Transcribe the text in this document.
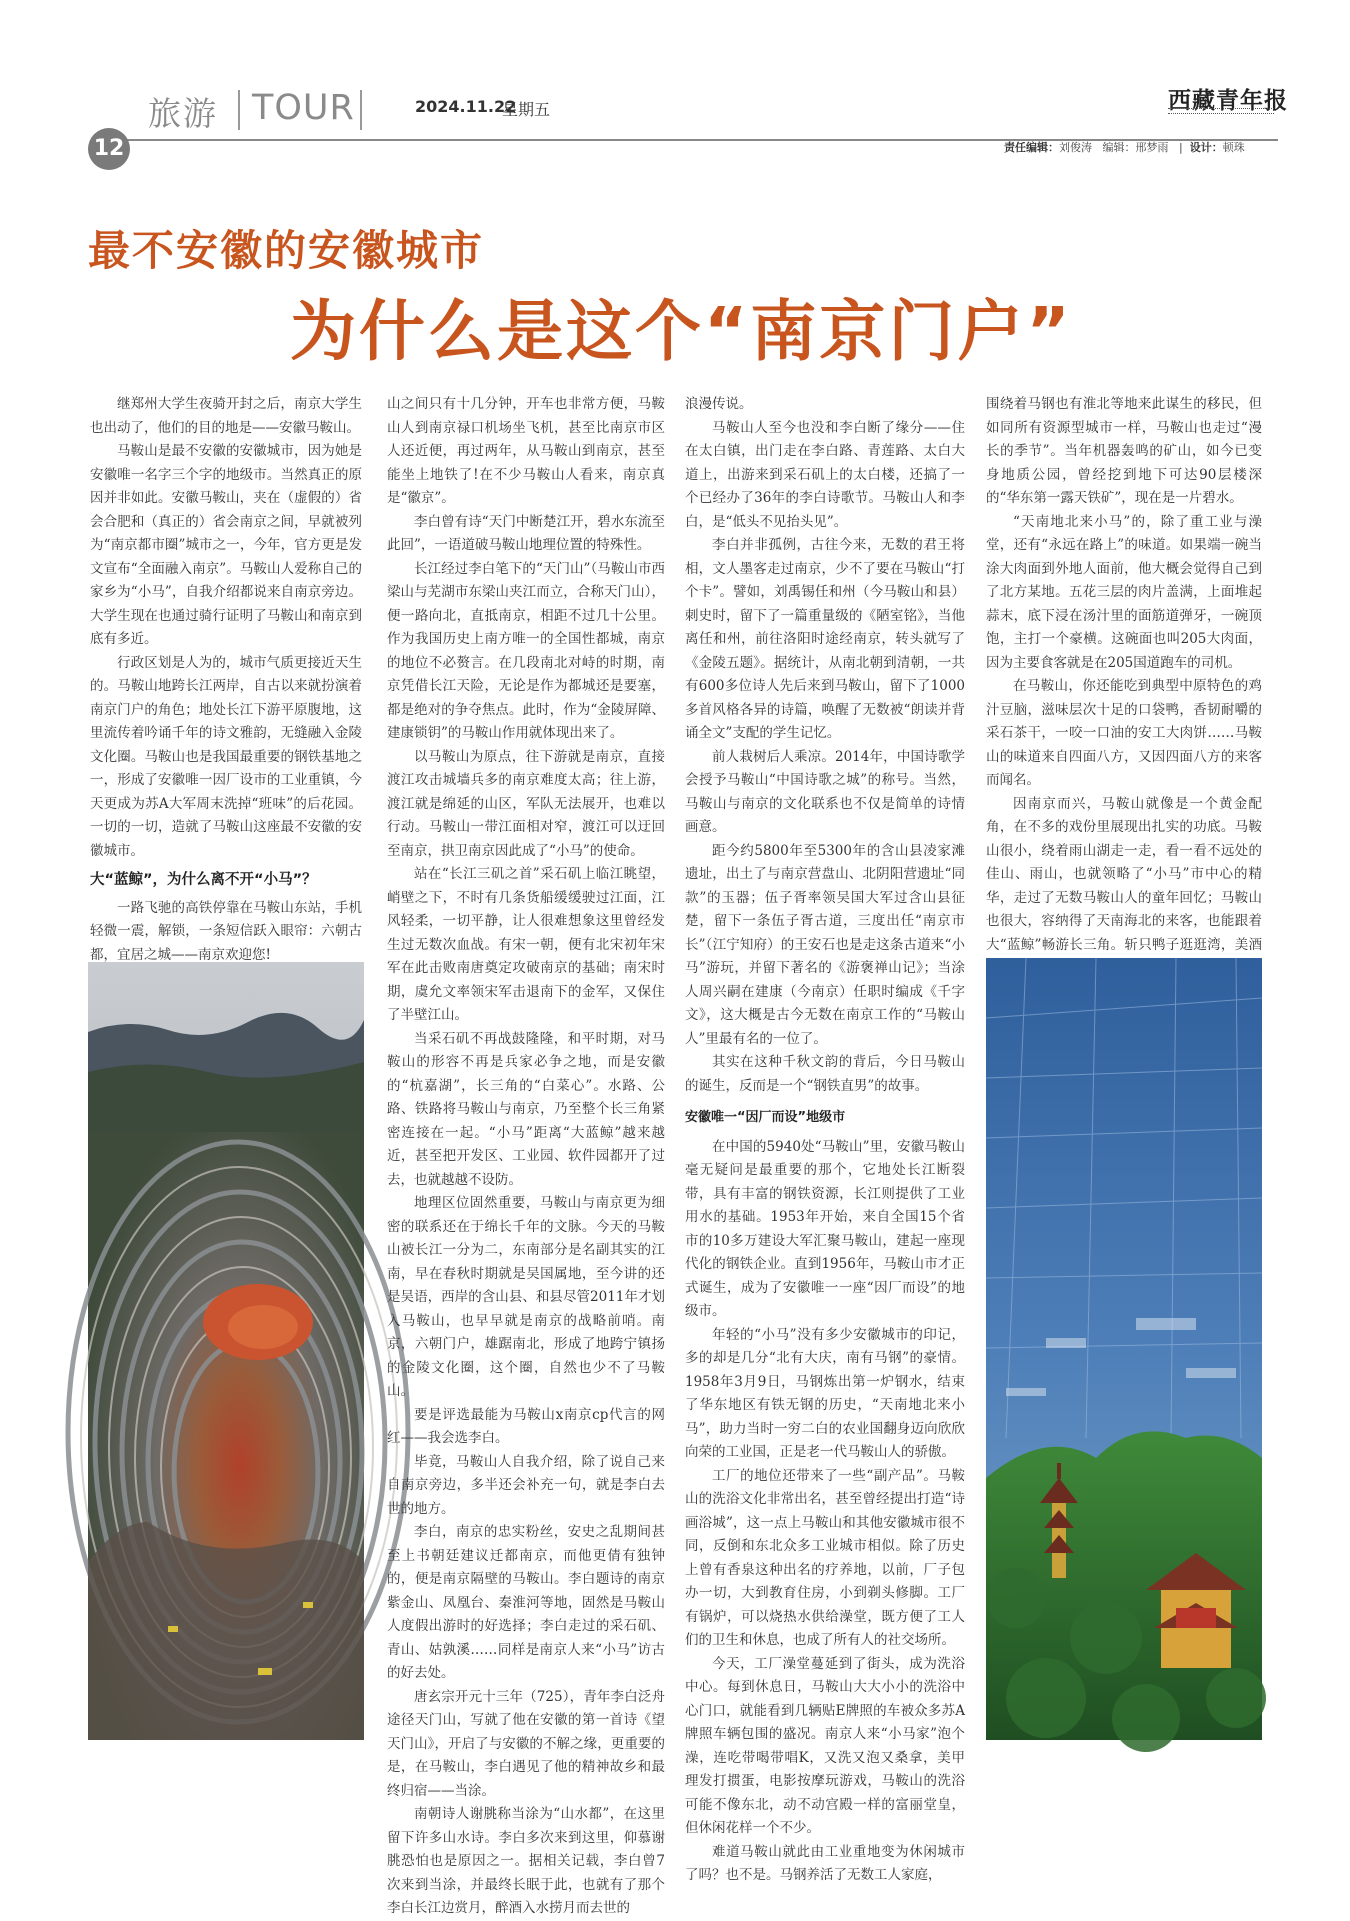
旅游 TOUR	2024.11.22
星期五	西藏青年报
12	责任编辑：刘俊涛 编辑：邢梦雨   |  设计：顿珠
最不安徽的安徽城市
为什么是这个“南京门户”

继郑州大学生夜骑开封之后，南京大学生也出动了，他们的目的地是——安徽马鞍山。

马鞍山是最不安徽的安徽城市，因为她是安徽唯一名字三个字的地级市。当然真正的原因并非如此。安徽马鞍山，夹在（虚假的）省会合肥和（真正的）省会南京之间，早就被列为“南京都市圈”城市之一，今年，官方更是发文宣布“全面融入南京”。马鞍山人爱称自己的家乡为“小马”，自我介绍都说来自南京旁边。大学生现在也通过骑行证明了马鞍山和南京到底有多近。

行政区划是人为的，城市气质更接近天生的。马鞍山地跨长江两岸，自古以来就扮演着南京门户的角色；地处长江下游平原腹地，这里流传着吟诵千年的诗文雅韵，无缝融入金陵文化圈。马鞍山也是我国最重要的钢铁基地之一，形成了安徽唯一因厂设市的工业重镇，今天更成为苏A大军周末洗掉“班味”的后花园。一切的一切，造就了马鞍山这座最不安徽的安徽城市。

大“蓝鲸”，为什么离不开“小马”？

一路飞驰的高铁停靠在马鞍山东站，手机轻微一震，解锁，一条短信跃入眼帘：六朝古都，宜居之城——南京欢迎您!

山之间只有十几分钟，开车也非常方便，马鞍山人到南京禄口机场坐飞机，甚至比南京市区人还近便，再过两年，从马鞍山到南京，甚至能坐上地铁了!在不少马鞍山人看来，南京真是“徽京”。

李白曾有诗“天门中断楚江开，碧水东流至此回”，一语道破马鞍山地理位置的特殊性。

长江经过李白笔下的“天门山”（马鞍山市西梁山与芜湖市东梁山夹江而立，合称天门山），便一路向北，直抵南京，相距不过几十公里。作为我国历史上南方唯一的全国性都城，南京的地位不必赘言。在几段南北对峙的时期，南京凭借长江天险，无论是作为都城还是要塞，都是绝对的争夺焦点。此时，作为“金陵屏障、建康锁钥”的马鞍山作用就体现出来了。

以马鞍山为原点，往下游就是南京，直接渡江攻击城墙兵多的南京难度太高；往上游，渡江就是绵延的山区，军队无法展开，也难以行动。马鞍山一带江面相对窄，渡江可以迂回至南京，拱卫南京因此成了“小马”的使命。

站在“长江三矶之首”采石矶上临江眺望，峭壁之下，不时有几条货船缓缓驶过江面，江风轻柔，一切平静，让人很难想象这里曾经发生过无数次血战。有宋一朝，便有北宋初年宋军在此击败南唐奠定攻破南京的基础；南宋时期，虞允文率领宋军击退南下的金军，又保住了半壁江山。

当采石矶不再战鼓隆隆，和平时期，对马鞍山的形容不再是兵家必争之地，而是安徽的“杭嘉湖”，长三角的“白菜心”。水路、公路、铁路将马鞍山与南京，乃至整个长三角紧密连接在一起。“小马”距离“大蓝鲸”越来越近，甚至把开发区、工业园、软件园都开了过去，也就越越不设防。

地理区位固然重要，马鞍山与南京更为细密的联系还在于绵长千年的文脉。今天的马鞍山被长江一分为二，东南部分是名副其实的江南，早在春秋时期就是吴国属地，至今讲的还是吴语，西岸的含山县、和县尽管2011年才划入马鞍山，也早早就是南京的战略前哨。南京，六朝门户，雄踞南北，形成了地跨宁镇扬的金陵文化圈，这个圈，自然也少不了马鞍山。

要是评选最能为马鞍山x南京cp代言的网红——我会选李白。

毕竟，马鞍山人自我介绍，除了说自己来自南京旁边，多半还会补充一句，就是李白去世的地方。

李白，南京的忠实粉丝，安史之乱期间甚至上书朝廷建议迁都南京，而他更倩有独钟的，便是南京隔壁的马鞍山。李白题诗的南京紫金山、凤凰台、秦淮河等地，固然是马鞍山人度假出游时的好选择；李白走过的采石矶、青山、姑孰溪……同样是南京人来“小马”访古的好去处。

唐玄宗开元十三年（725），青年李白泛舟途径天门山，写就了他在安徽的第一首诗《望天门山》，开启了与安徽的不解之缘，更重要的是，在马鞍山，李白遇见了他的精神故乡和最终归宿——当涂。

南朝诗人谢朓称当涂为“山水都”，在这里留下许多山水诗。李白多次来到这里，仰慕谢朓恐怕也是原因之一。据相关记载，李白曾7次来到当涂，并最终长眠于此，也就有了那个李白长江边赏月，醉酒入水捞月而去世的

浪漫传说。

马鞍山人至今也没和李白断了缘分——住在太白镇，出门走在李白路、青莲路、太白大道上，出游来到采石矶上的太白楼，还搞了一个已经办了36年的李白诗歌节。马鞍山人和李白，是“低头不见抬头见”。

李白并非孤例，古往今来，无数的君王将相，文人墨客走过南京，少不了要在马鞍山“打个卡”。譬如，刘禹锡任和州（今马鞍山和县）刺史时，留下了一篇重量级的《陋室铭》，当他离任和州，前往洛阳时途经南京，转头就写了《金陵五题》。据统计，从南北朝到清朝，一共有600多位诗人先后来到马鞍山，留下了1000多首风格各异的诗篇，唤醒了无数被“朗读并背诵全文”支配的学生记忆。

前人栽树后人乘凉。2014年，中国诗歌学会授予马鞍山“中国诗歌之城”的称号。当然，马鞍山与南京的文化联系也不仅是简单的诗情画意。

距今约5800年至5300年的含山县凌家滩遗址，出土了与南京营盘山、北阴阳营遗址“同款”的玉器；伍子胥率领吴国大军过含山县征楚，留下一条伍子胥古道，三度出任“南京市长”（江宁知府）的王安石也是走这条古道来“小马”游玩，并留下著名的《游褒禅山记》；当涂人周兴嗣在建康（今南京）任职时编成《千字文》，这大概是古今无数在南京工作的“马鞍山人”里最有名的一位了。

其实在这种千秋文韵的背后，今日马鞍山的诞生，反而是一个“钢铁直男”的故事。

安徽唯一“因厂而设”地级市

在中国的5940处“马鞍山”里，安徽马鞍山毫无疑问是最重要的那个，它地处长江断裂带，具有丰富的钢铁资源，长江则提供了工业用水的基础。1953年开始，来自全国15个省市的10多万建设大军汇聚马鞍山，建起一座现代化的钢铁企业。直到1956年，马鞍山市才正式诞生，成为了安徽唯一一座“因厂而设”的地级市。

年轻的“小马”没有多少安徽城市的印记，多的却是几分“北有大庆，南有马钢”的豪情。1958年3月9日，马钢炼出第一炉钢水，结束了华东地区有铁无钢的历史，“天南地北来小马”，助力当时一穷二白的农业国翻身迈向欣欣向荣的工业国，正是老一代马鞍山人的骄傲。

工厂的地位还带来了一些“副产品”。马鞍山的洗浴文化非常出名，甚至曾经提出打造“诗画浴城”，这一点上马鞍山和其他安徽城市很不同，反倒和东北众多工业城市相似。除了历史上曾有香泉这种出名的疗养地，以前，厂子包办一切，大到教育住房，小到剃头修脚。工厂有锅炉，可以烧热水供给澡堂，既方便了工人们的卫生和休息，也成了所有人的社交场所。

今天，工厂澡堂蔓延到了街头，成为洗浴中心。每到休息日，马鞍山大大小小的洗浴中心门口，就能看到几辆贴E牌照的车被众多苏A牌照车辆包围的盛况。南京人来“小马家”泡个澡，连吃带喝带唱K，又洗又泡又桑拿，美甲理发打掼蛋，电影按摩玩游戏，马鞍山的洗浴可能不像东北，动不动宫殿一样的富丽堂皇，但休闲花样一个不少。

难道马鞍山就此由工业重地变为休闲城市了吗？也不是。马钢养活了无数工人家庭，

围绕着马钢也有淮北等地来此谋生的移民，但如同所有资源型城市一样，马鞍山也走过“漫长的季节”。当年机器轰鸣的矿山，如今已变身地质公园，曾经挖到地下可达90层楼深的“华东第一露天铁矿”，现在是一片碧水。

“天南地北来小马”的，除了重工业与澡堂，还有“永远在路上”的味道。如果端一碗当涂大肉面到外地人面前，他大概会觉得自己到了北方某地。五花三层的肉片盖满，上面堆起蒜末，底下浸在汤汁里的面筋道弹牙，一碗顶饱，主打一个豪横。这碗面也叫205大肉面，因为主要食客就是在205国道跑车的司机。

在马鞍山，你还能吃到典型中原特色的鸡汁豆脑，滋味层次十足的口袋鸭，香韧耐嚼的采石茶干，一咬一口油的安工大肉饼……马鞍山的味道来自四面八方，又因四面八方的来客而闻名。

因南京而兴，马鞍山就像是一个黄金配角，在不多的戏份里展现出扎实的功底。马鞍山很小，绕着雨山湖走一走，看一看不远处的佳山、雨山，也就领略了“小马”市中心的精华，走过了无数马鞍山人的童年回忆；马鞍山也很大，容纳得了天南海北的来客，也能跟着大“蓝鲸”畅游长三角。斩只鸭子逛逛湾，美酒
